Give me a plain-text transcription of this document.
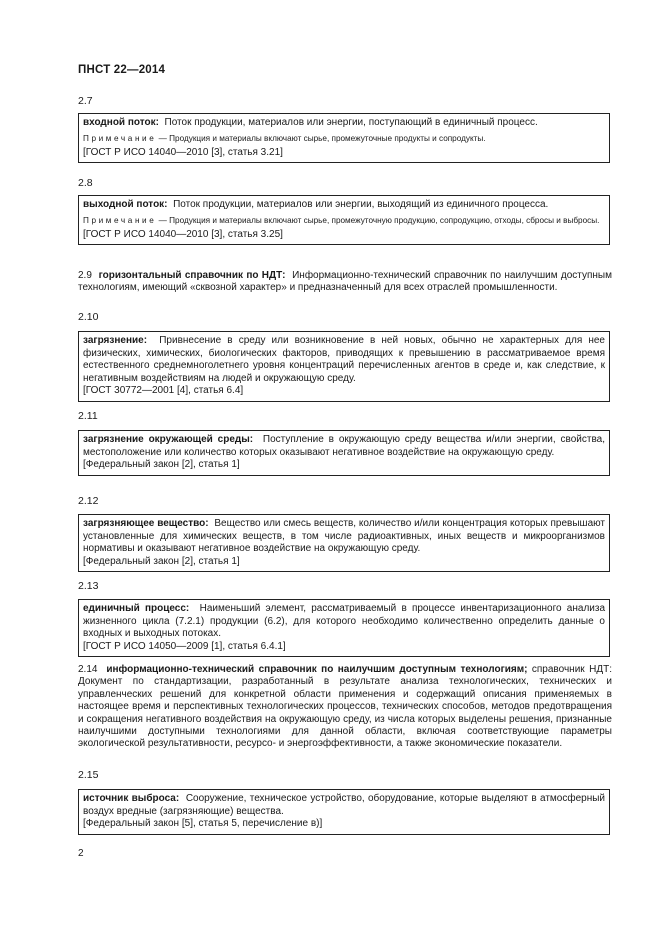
ПНСТ 22—2014
2.7
входной поток: Поток продукции, материалов или энергии, поступающий в единичный процесс.
Примечание — Продукция и материалы включают сырье, промежуточные продукты и сопродукты.
[ГОСТ Р ИСО 14040—2010 [3], статья 3.21]
2.8
выходной поток: Поток продукции, материалов или энергии, выходящий из единичного процесса.
Примечание — Продукция и материалы включают сырье, промежуточную продукцию, сопродукцию, отходы, сбросы и выбросы.
[ГОСТ Р ИСО 14040—2010 [3], статья 3.25]
2.9 горизонтальный справочник по НДТ: Информационно-технический справочник по наилучшим доступным технологиям, имеющий «сквозной характер» и предназначенный для всех отраслей промышленности.
2.10
загрязнение: Привнесение в среду или возникновение в ней новых, обычно не характерных для нее физических, химических, биологических факторов, приводящих к превышению в рассматриваемое время естественного среднемноголетнего уровня концентраций перечисленных агентов в среде и, как следствие, к негативным воздействиям на людей и окружающую среду.
[ГОСТ 30772—2001 [4], статья 6.4]
2.11
загрязнение окружающей среды: Поступление в окружающую среду вещества и/или энергии, свойства, местоположение или количество которых оказывают негативное воздействие на окружающую среду.
[Федеральный закон [2], статья 1]
2.12
загрязняющее вещество: Вещество или смесь веществ, количество и/или концентрация которых превышают установленные для химических веществ, в том числе радиоактивных, иных веществ и микроорганизмов нормативы и оказывают негативное воздействие на окружающую среду.
[Федеральный закон [2], статья 1]
2.13
единичный процесс: Наименьший элемент, рассматриваемый в процессе инвентаризационного анализа жизненного цикла (7.2.1) продукции (6.2), для которого необходимо количественно определить данные о входных и выходных потоках.
[ГОСТ Р ИСО 14050—2009 [1], статья 6.4.1]
2.14 информационно-технический справочник по наилучшим доступным технологиям; справочник НДТ: Документ по стандартизации, разработанный в результате анализа технологических, технических и управленческих решений для конкретной области применения и содержащий описания применяемых в настоящее время и перспективных технологических процессов, технических способов, методов предотвращения и сокращения негативного воздействия на окружающую среду, из числа которых выделены решения, признанные наилучшими доступными технологиями для данной области, включая соответствующие параметры экологической результативности, ресурсо- и энергоэффективности, а также экономические показатели.
2.15
источник выброса: Сооружение, техническое устройство, оборудование, которые выделяют в атмосферный воздух вредные (загрязняющие) вещества.
[Федеральный закон [5], статья 5, перечисление в)]
2
